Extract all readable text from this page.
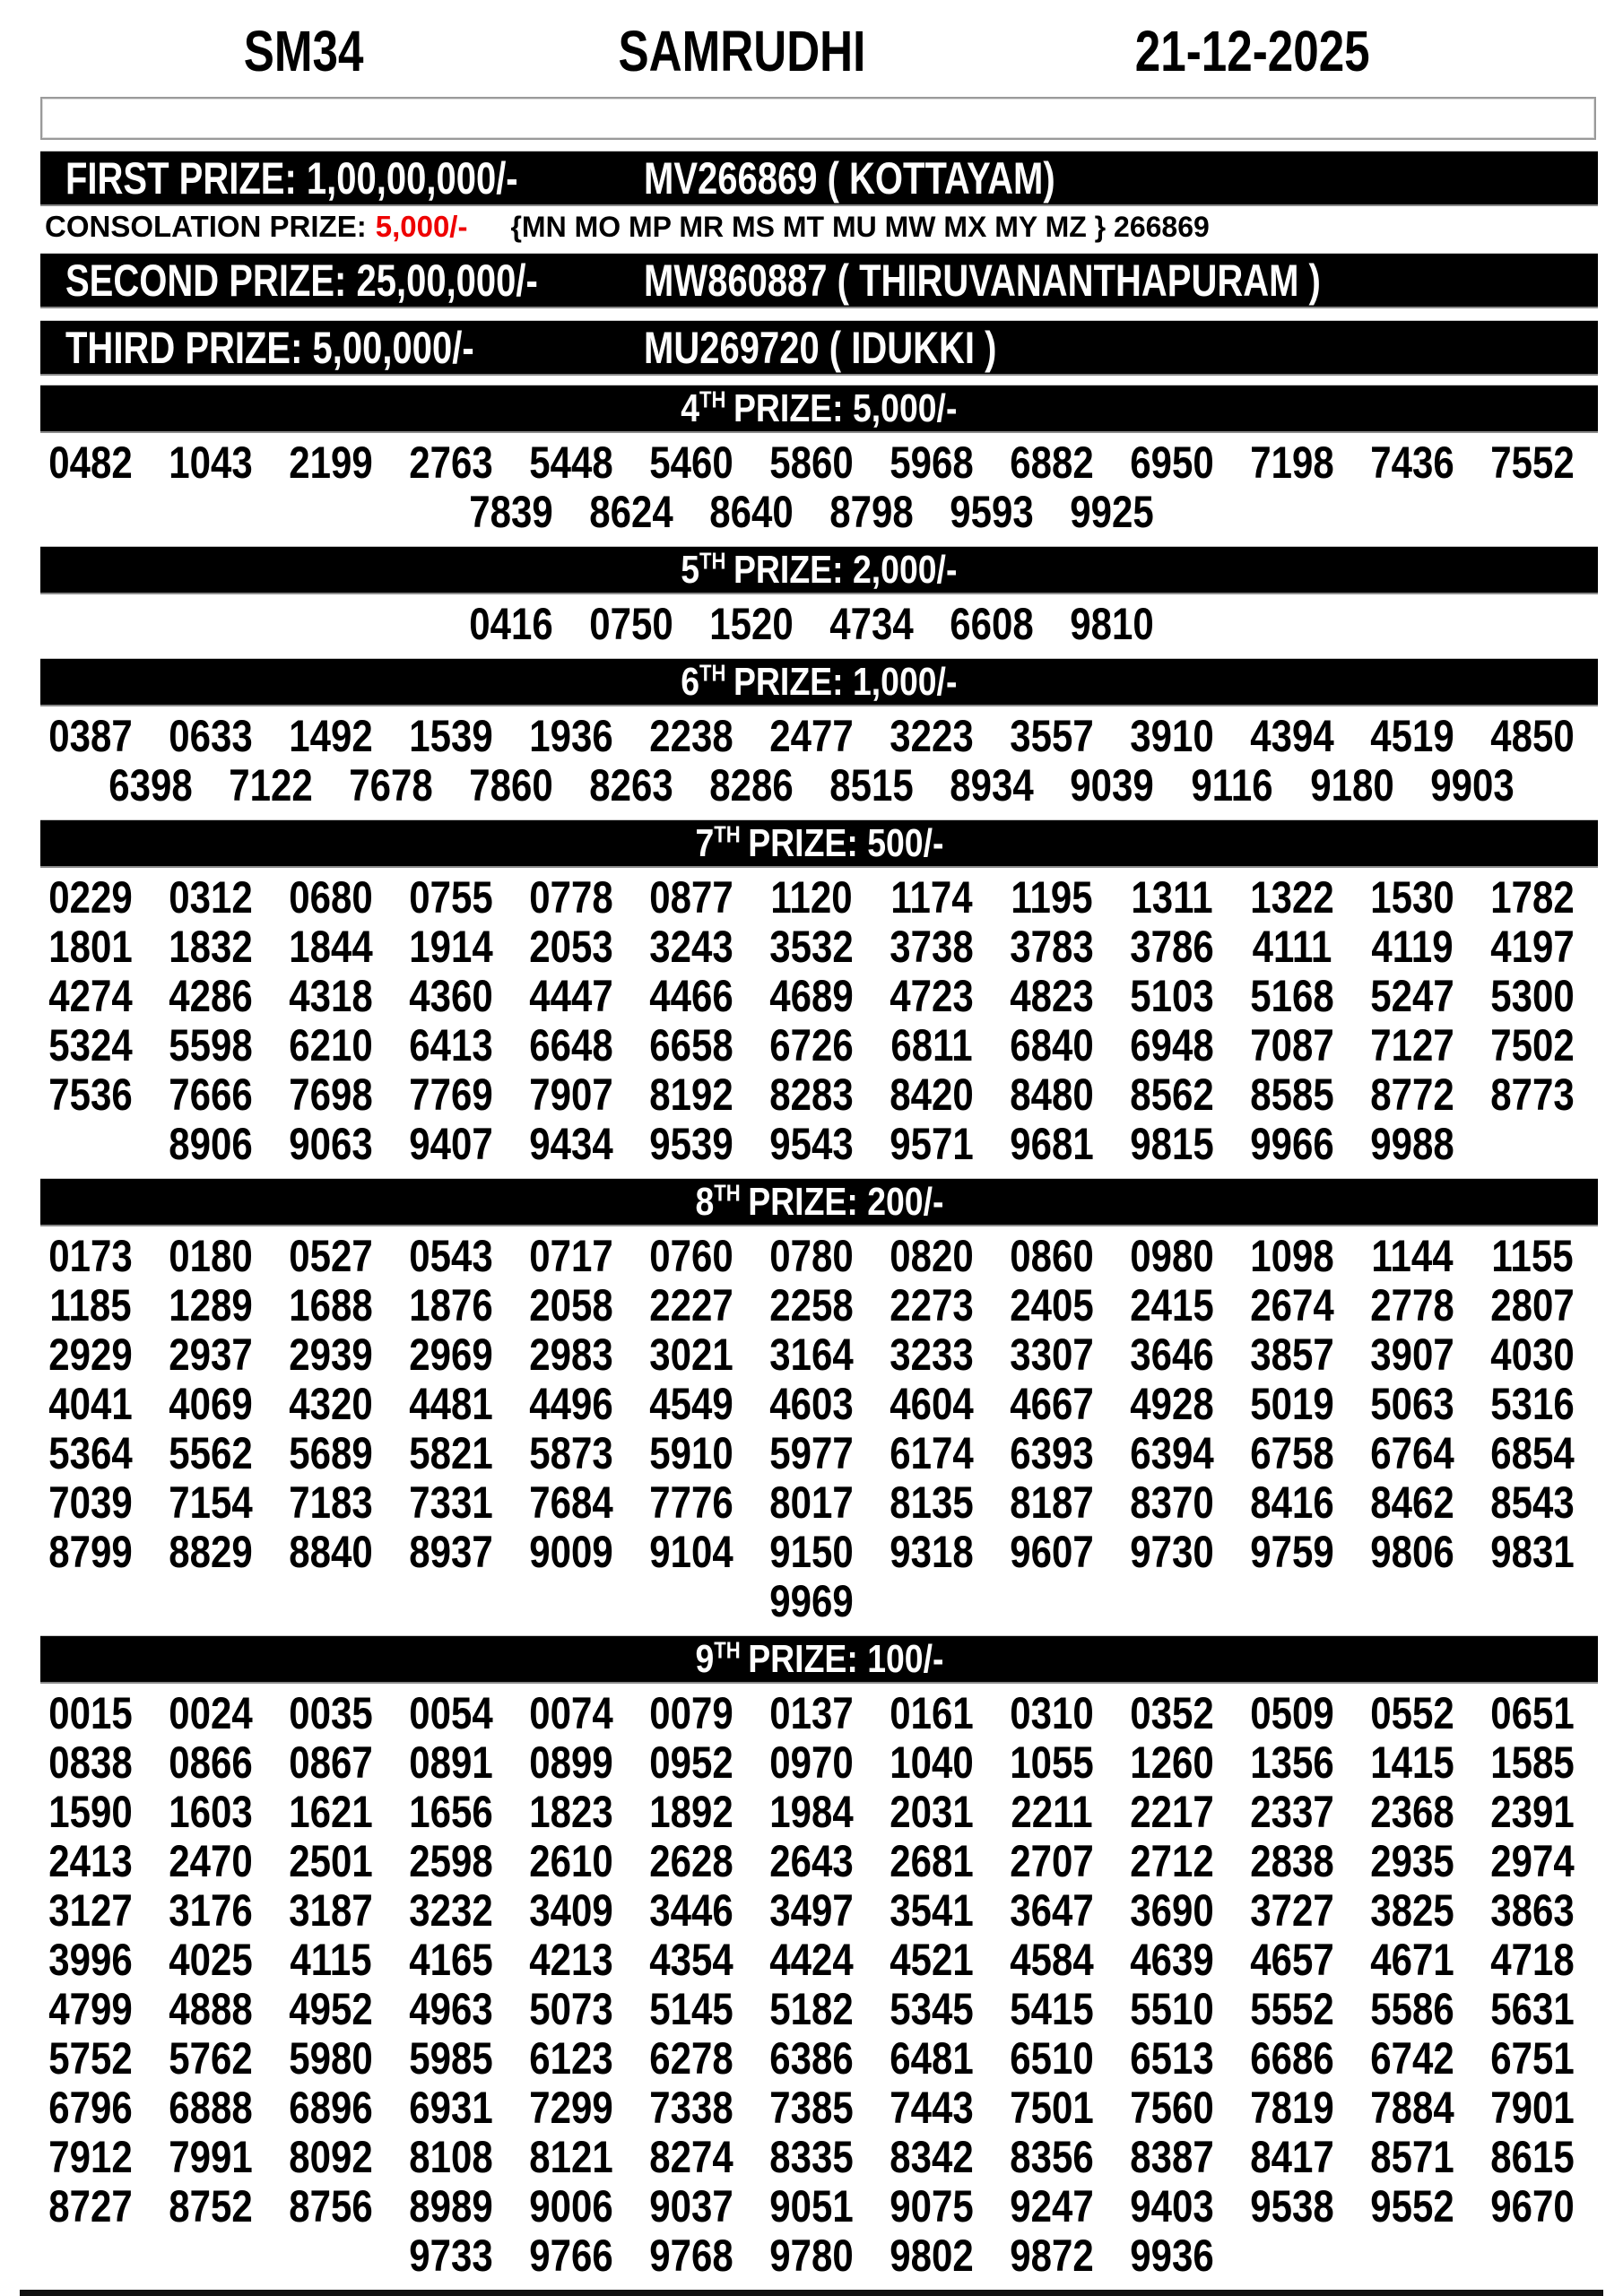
SM34	SAMRUDHI	21-12-2025
FIRST PRIZE: 1,00,00,000/-	MV266869 ( KOTTAYAM)
CONSOLATION PRIZE: 5,000/- {MN MO MP MR MS MT MU MW MX MY MZ } 266869
SECOND PRIZE: 25,00,000/- MW860887 ( THIRUVANANTHAPURAM )
THIRD PRIZE: 5,00,000/-	MU269720 ( IDUKKI )
4TH PRIZE: 5,000/-
0482 1043 2199 2763 5448 5460 5860 5968 6882 6950 7198 7436 7552
7839 8624 8640 8798 9593 9925
5TH PRIZE: 2,000/-
0416 0750 1520 4734 6608 9810
6TH PRIZE: 1,000/-
0387 0633 1492 1539 1936 2238 2477 3223 3557 3910 4394 4519 4850
6398 7122 7678 7860 8263 8286 8515 8934 9039 9116 9180 9903
7TH PRIZE: 500/-
0229 0312 0680 0755 0778 0877 1120 1174 1195 1311 1322 1530 1782
1801 1832 1844 1914 2053 3243 3532 3738 3783 3786 4111 4119 4197
4274 4286 4318 4360 4447 4466 4689 4723 4823 5103 5168 5247 5300
5324 5598 6210 6413 6648 6658 6726 6811 6840 6948 7087 7127 7502
7536 7666 7698 7769 7907 8192 8283 8420 8480 8562 8585 8772 8773
8906 9063 9407 9434 9539 9543 9571 9681 9815 9966 9988
8TH PRIZE: 200/-
0173 0180 0527 0543 0717 0760 0780 0820 0860 0980 1098 1144 1155
1185 1289 1688 1876 2058 2227 2258 2273 2405 2415 2674 2778 2807
2929 2937 2939 2969 2983 3021 3164 3233 3307 3646 3857 3907 4030
4041 4069 4320 4481 4496 4549 4603 4604 4667 4928 5019 5063 5316
5364 5562 5689 5821 5873 5910 5977 6174 6393 6394 6758 6764 6854
7039 7154 7183 7331 7684 7776 8017 8135 8187 8370 8416 8462 8543
8799 8829 8840 8937 9009 9104 9150 9318 9607 9730 9759 9806 9831
9969
9TH PRIZE: 100/-
0015 0024 0035 0054 0074 0079 0137 0161 0310 0352 0509 0552 0651
0838 0866 0867 0891 0899 0952 0970 1040 1055 1260 1356 1415 1585
1590 1603 1621 1656 1823 1892 1984 2031 2211 2217 2337 2368 2391
2413 2470 2501 2598 2610 2628 2643 2681 2707 2712 2838 2935 2974
3127 3176 3187 3232 3409 3446 3497 3541 3647 3690 3727 3825 3863
3996 4025 4115 4165 4213 4354 4424 4521 4584 4639 4657 4671 4718
4799 4888 4952 4963 5073 5145 5182 5345 5415 5510 5552 5586 5631
5752 5762 5980 5985 6123 6278 6386 6481 6510 6513 6686 6742 6751
6796 6888 6896 6931 7299 7338 7385 7443 7501 7560 7819 7884 7901
7912 7991 8092 8108 8121 8274 8335 8342 8356 8387 8417 8571 8615
8727 8752 8756 8989 9006 9037 9051 9075 9247 9403 9538 9552 9670
9733 9766 9768 9780 9802 9872 9936
